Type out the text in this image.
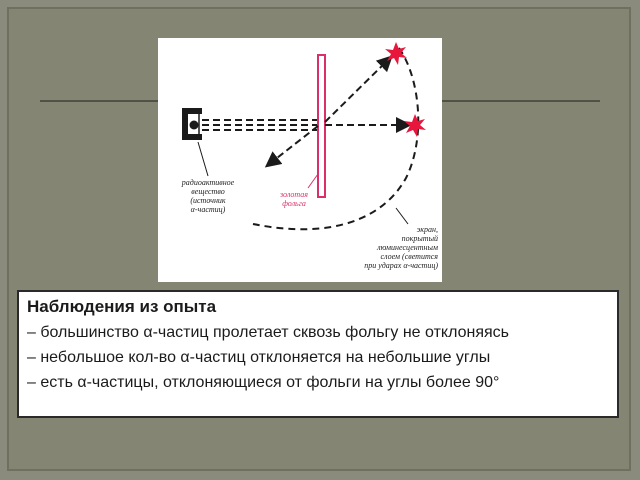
радиоактивное
вещество
(источник
α-частиц)
золотая
фольга
экран,
покрытый
люминесцентным
слоем (светится
при ударах α-частиц)
Наблюдения из опыта
– большинство α-частиц пролетает сквозь фольгу не отклоняясь
– небольшое кол-во α-частиц отклоняется на небольшие углы
– есть α-частицы, отклоняющиеся от фольги на углы более 90°
